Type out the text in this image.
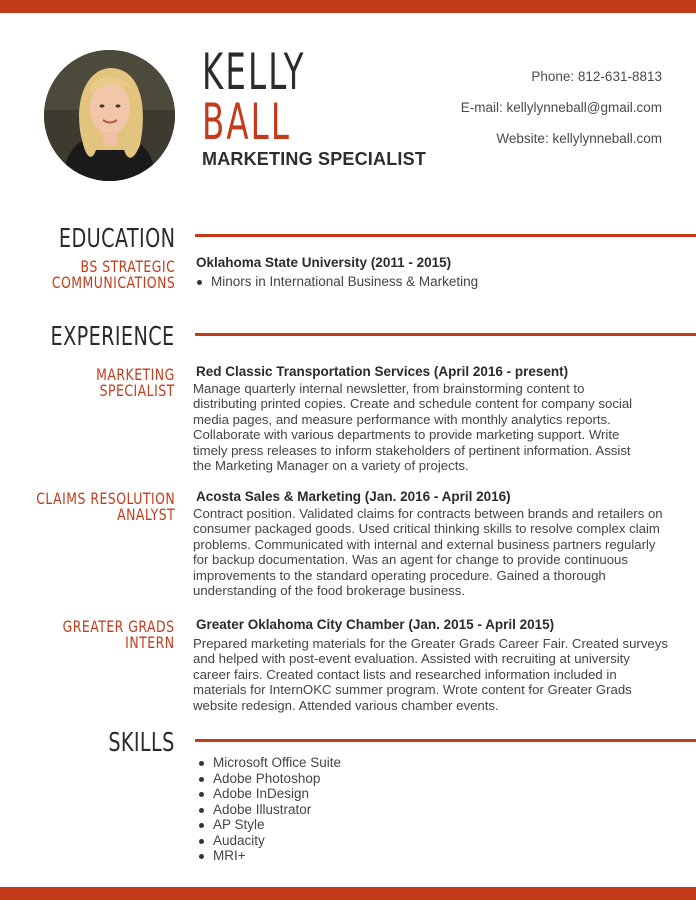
KELLY
BALL
MARKETING SPECIALIST
Phone: 812-631-8813
E-mail: kellylynneball@gmail.com
Website: kellylynneball.com
EDUCATION
BS STRATEGIC
COMMUNICATIONS
Oklahoma State University (2011 - 2015)
Minors in International Business & Marketing
EXPERIENCE
MARKETING
SPECIALIST
Red Classic Transportation Services (April 2016 - present)
Manage quarterly internal newsletter, from brainstorming content to
distributing printed copies. Create and schedule content for company social
media pages, and measure performance with monthly analytics reports.
Collaborate with various departments to provide marketing support. Write
timely press releases to inform stakeholders of pertinent information. Assist
the Marketing Manager on a variety of projects.
CLAIMS RESOLUTION
ANALYST
Acosta Sales & Marketing (Jan. 2016 - April 2016)
Contract position. Validated claims for contracts between brands and retailers on
consumer packaged goods. Used critical thinking skills to resolve complex claim
problems. Communicated with internal and external business partners regularly
for backup documentation. Was an agent for change to provide continuous
improvements to the standard operating procedure. Gained a thorough
understanding of the food brokerage business.
GREATER GRADS
INTERN
Greater Oklahoma City Chamber (Jan. 2015 - April 2015)
Prepared marketing materials for the Greater Grads Career Fair. Created surveys
and helped with post-event evaluation. Assisted with recruiting at university
career fairs. Created contact lists and researched information included in
materials for InternOKC summer program. Wrote content for Greater Grads
website redesign. Attended various chamber events.
SKILLS
Microsoft Office Suite
Adobe Photoshop
Adobe InDesign
Adobe Illustrator
AP Style
Audacity
MRI+
